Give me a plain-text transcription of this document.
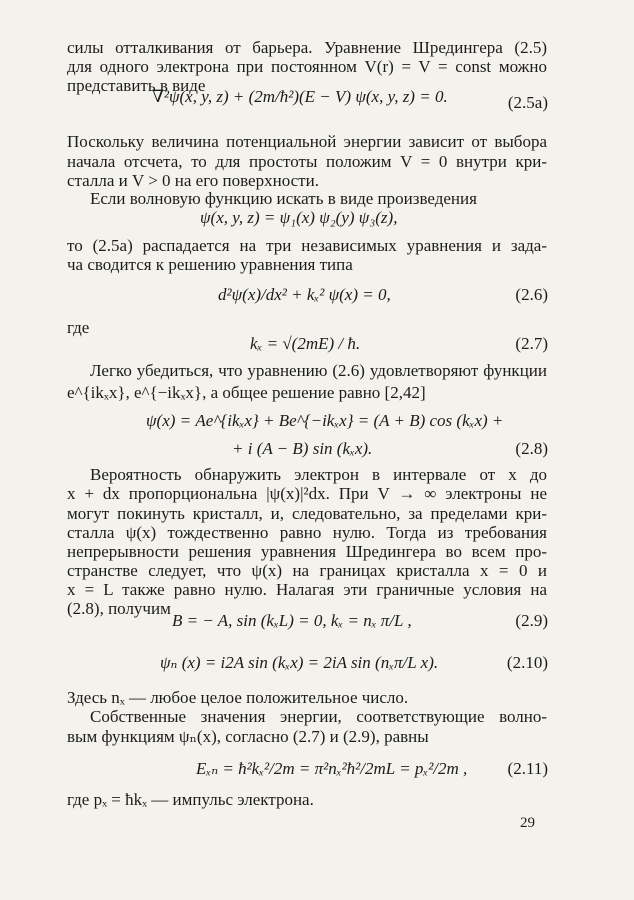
силы отталкивания от барьера. Уравнение Шредингера (2.5)
для одного электрона при постоянном V(r) = V = const можно
представить в виде
∇²ψ(x, y, z) + (2m/ħ²)(E − V) ψ(x, y, z) = 0.	(2.5а)
Поскольку величина потенциальной энергии зависит от выбора
начала отсчета, то для простоты положим V = 0 внутри кри-
сталла и V > 0 на его поверхности.
Если волновую функцию искать в виде произведения
ψ(x, y, z) = ψ₁(x) ψ₂(y) ψ₃(z),
то (2.5а) распадается на три независимых уравнения и зада-
ча сводится к решению уравнения типа
d²ψ(x)/dx² + kₓ² ψ(x) = 0,	(2.6)
где
kₓ = √(2mE) / ħ.	(2.7)
Легко убедиться, что уравнению (2.6) удовлетворяют функции
e^{ikₓx}, e^{−ikₓx}, а общее решение равно [2,42]
ψ(x) = Ae^{ikₓx} + Be^{−ikₓx} = (A + B) cos (kₓx) +
+ i (A − B) sin (kₓx).	(2.8)
Вероятность обнаружить электрон в интервале от x до
x + dx пропорциональна |ψ(x)|²dx. При V → ∞ электроны не
могут покинуть кристалл, и, следовательно, за пределами кри-
сталла ψ(x) тождественно равно нулю. Тогда из требования
непрерывности решения уравнения Шредингера во всем про-
странстве следует, что ψ(x) на границах кристалла x = 0 и
x = L также равно нулю. Налагая эти граничные условия на
(2.8), получим
B = − A, sin (kₓL) = 0, kₓ = nₓ π/L ,	(2.9)
ψₙ (x) = i2A sin (kₓx) = 2iA sin (nₓπ/L x).	(2.10)
Здесь nₓ — любое целое положительное число.
Собственные значения энергии, соответствующие волно-
вым функциям ψₙ(x), согласно (2.7) и (2.9), равны
Eₓₙ = ħ²kₓ²/2m = π²nₓ²ħ²/2mL = pₓ²/2m ,	(2.11)
где pₓ = ħkₓ — импульс электрона.
29
